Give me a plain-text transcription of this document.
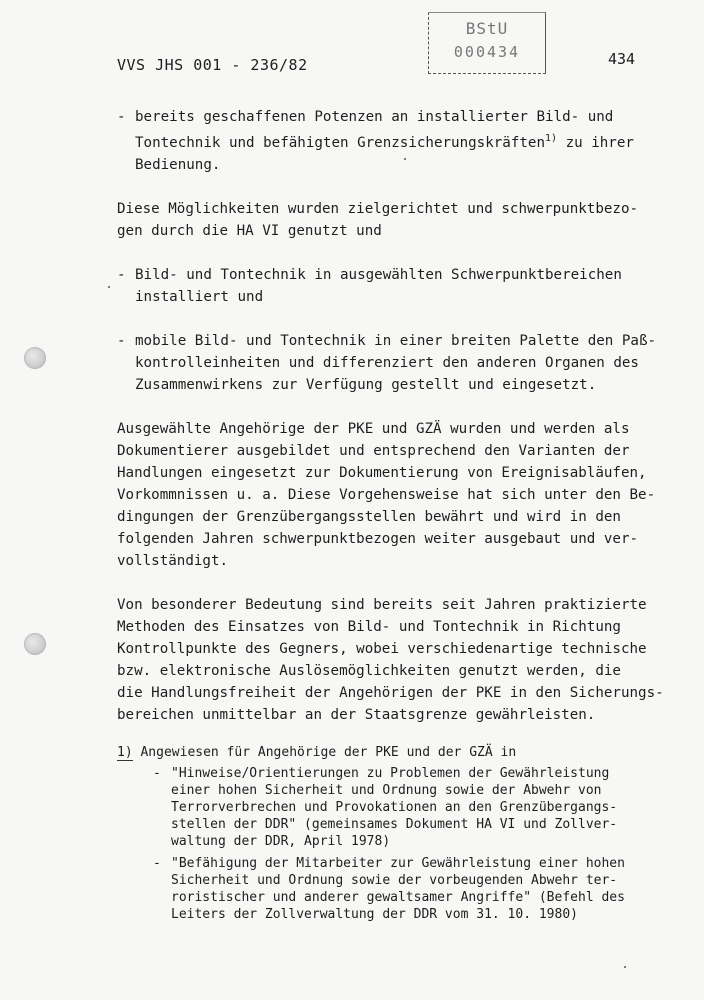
VVS JHS 001 - 236/82
BStU
000434	434
- bereits geschaffenen Potenzen an installierter Bild- und
Tontechnik und befähigten Grenzsicherungskräften$^{1)}$ zu ihrer
Bedienung.
Diese Möglichkeiten wurden zielgerichtet und schwerpunktbezo-
gen durch die HA VI genutzt und
- Bild- und Tontechnik in ausgewählten Schwerpunktbereichen
installiert und
- mobile Bild- und Tontechnik in einer breiten Palette den Paß-
kontrolleinheiten und differenziert den anderen Organen des
Zusammenwirkens zur Verfügung gestellt und eingesetzt.
Ausgewählte Angehörige der PKE und GZÄ wurden und werden als
Dokumentierer ausgebildet und entsprechend den Varianten der
Handlungen eingesetzt zur Dokumentierung von Ereignisabläufen,
Vorkommnissen u. a. Diese Vorgehensweise hat sich unter den Be-
dingungen der Grenzübergangsstellen bewährt und wird in den
folgenden Jahren schwerpunktbezogen weiter ausgebaut und ver-
vollständigt.
Von besonderer Bedeutung sind bereits seit Jahren praktizierte
Methoden des Einsatzes von Bild- und Tontechnik in Richtung
Kontrollpunkte des Gegners, wobei verschiedenartige technische
bzw. elektronische Auslösemöglichkeiten genutzt werden, die
die Handlungsfreiheit der Angehörigen der PKE in den Sicherungs-
bereichen unmittelbar an der Staatsgrenze gewährleisten.
1) Angewiesen für Angehörige der PKE und der GZÄ in
- "Hinweise/Orientierungen zu Problemen der Gewährleistung
einer hohen Sicherheit und Ordnung sowie der Abwehr von
Terrorverbrechen und Provokationen an den Grenzübergangs-
stellen der DDR" (gemeinsames Dokument HA VI und Zollver-
waltung der DDR, April 1978)
- "Befähigung der Mitarbeiter zur Gewährleistung einer hohen
Sicherheit und Ordnung sowie der vorbeugenden Abwehr ter-
roristischer und anderer gewaltsamer Angriffe" (Befehl des
Leiters der Zollverwaltung der DDR vom 31. 10. 1980)
